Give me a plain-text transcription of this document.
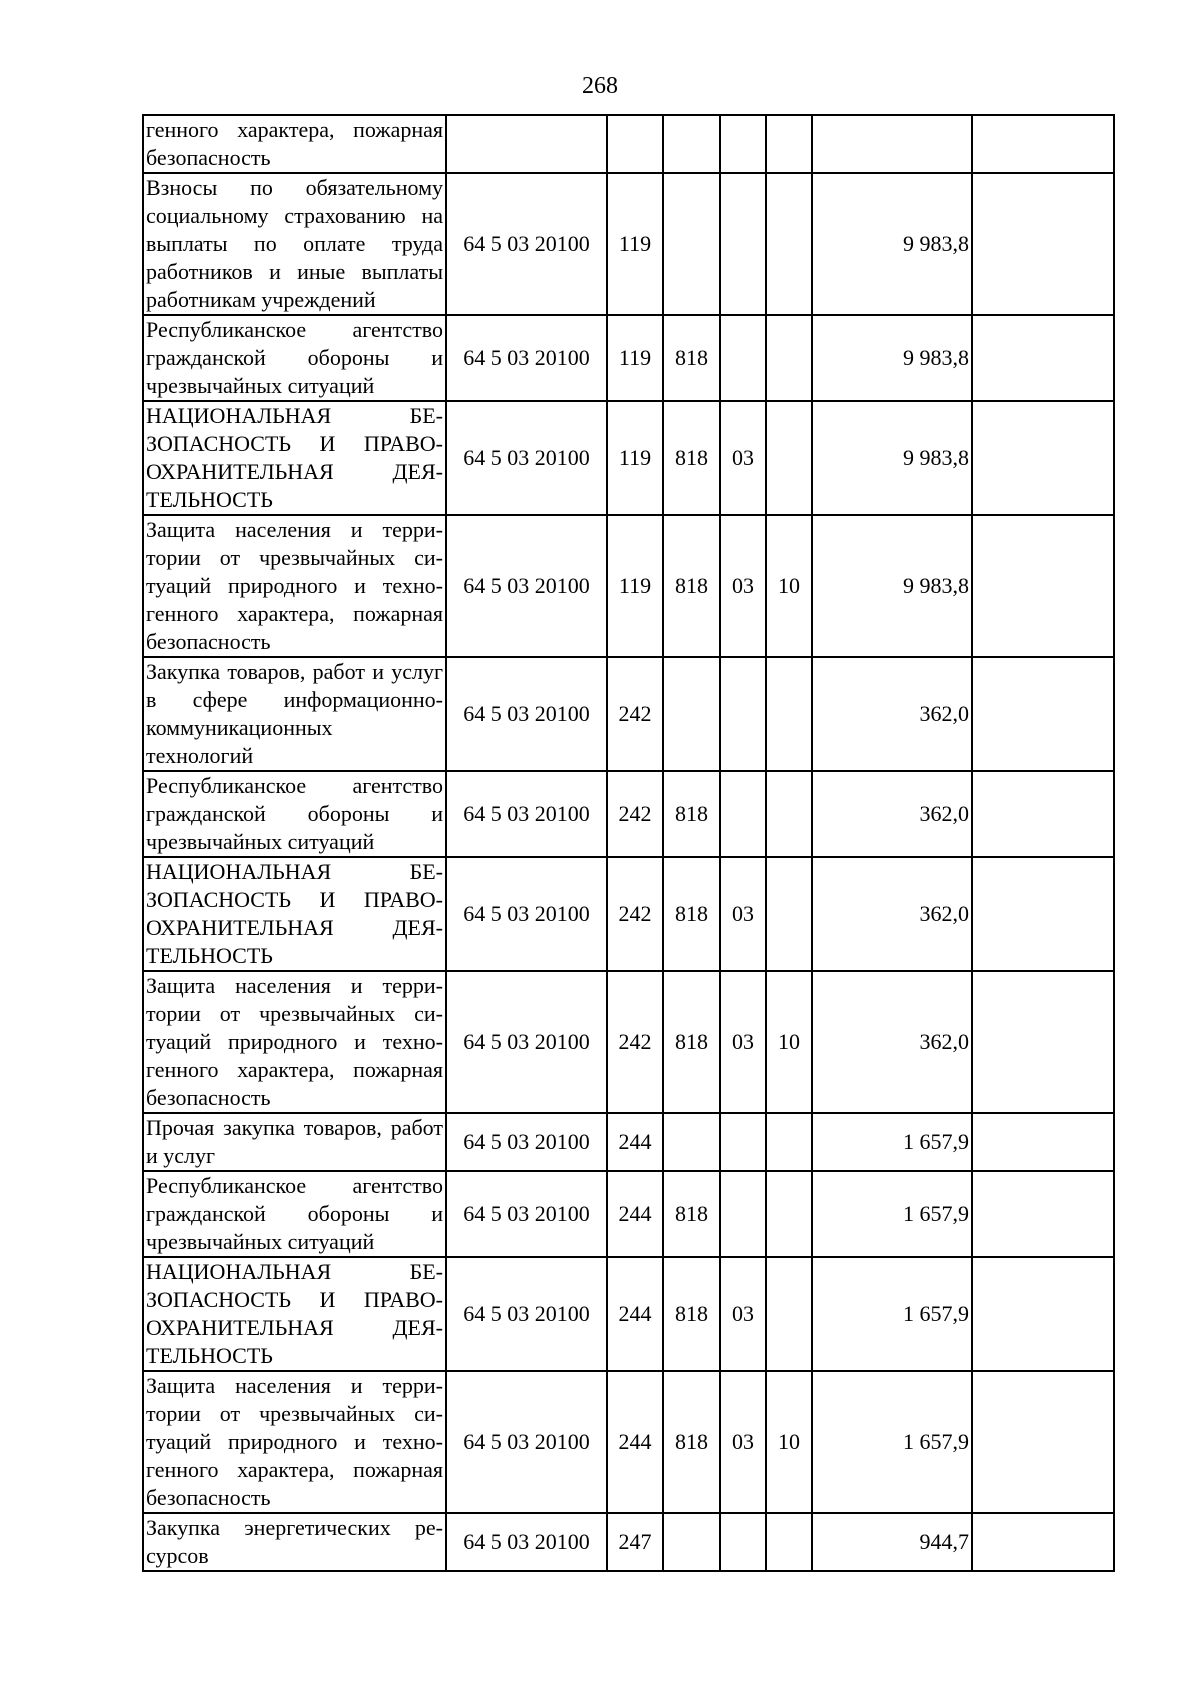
268
генного характера, пожарная безопасность							
Взносы по обязательному социальному страхованию на выплаты по оплате труда работников и иные выплаты работникам учреждений	64 5 03 20100	119				9 983,8	
Республиканское агентство гражданской обороны и чрезвычайных ситуаций	64 5 03 20100	119	818			9 983,8	
НАЦИОНАЛЬНАЯ БЕЗОПАСНОСТЬ И ПРАВООХРАНИТЕЛЬНАЯ ДЕЯТЕЛЬНОСТЬ	64 5 03 20100	119	818	03		9 983,8	
Защита населения и территории от чрезвычайных ситуаций природного и техногенного характера, пожарная безопасность	64 5 03 20100	119	818	03	10	9 983,8	
Закупка товаров, работ и услуг в сфере информационно-коммуникационных технологий	64 5 03 20100	242				362,0	
Республиканское агентство гражданской обороны и чрезвычайных ситуаций	64 5 03 20100	242	818			362,0	
НАЦИОНАЛЬНАЯ БЕЗОПАСНОСТЬ И ПРАВООХРАНИТЕЛЬНАЯ ДЕЯТЕЛЬНОСТЬ	64 5 03 20100	242	818	03		362,0	
Защита населения и территории от чрезвычайных ситуаций природного и техногенного характера, пожарная безопасность	64 5 03 20100	242	818	03	10	362,0	
Прочая закупка товаров, работ и услуг	64 5 03 20100	244				1 657,9	
Республиканское агентство гражданской обороны и чрезвычайных ситуаций	64 5 03 20100	244	818			1 657,9	
НАЦИОНАЛЬНАЯ БЕЗОПАСНОСТЬ И ПРАВООХРАНИТЕЛЬНАЯ ДЕЯТЕЛЬНОСТЬ	64 5 03 20100	244	818	03		1 657,9	
Защита населения и территории от чрезвычайных ситуаций природного и техногенного характера, пожарная безопасность	64 5 03 20100	244	818	03	10	1 657,9	
Закупка энергетических ресурсов	64 5 03 20100	247				944,7	
